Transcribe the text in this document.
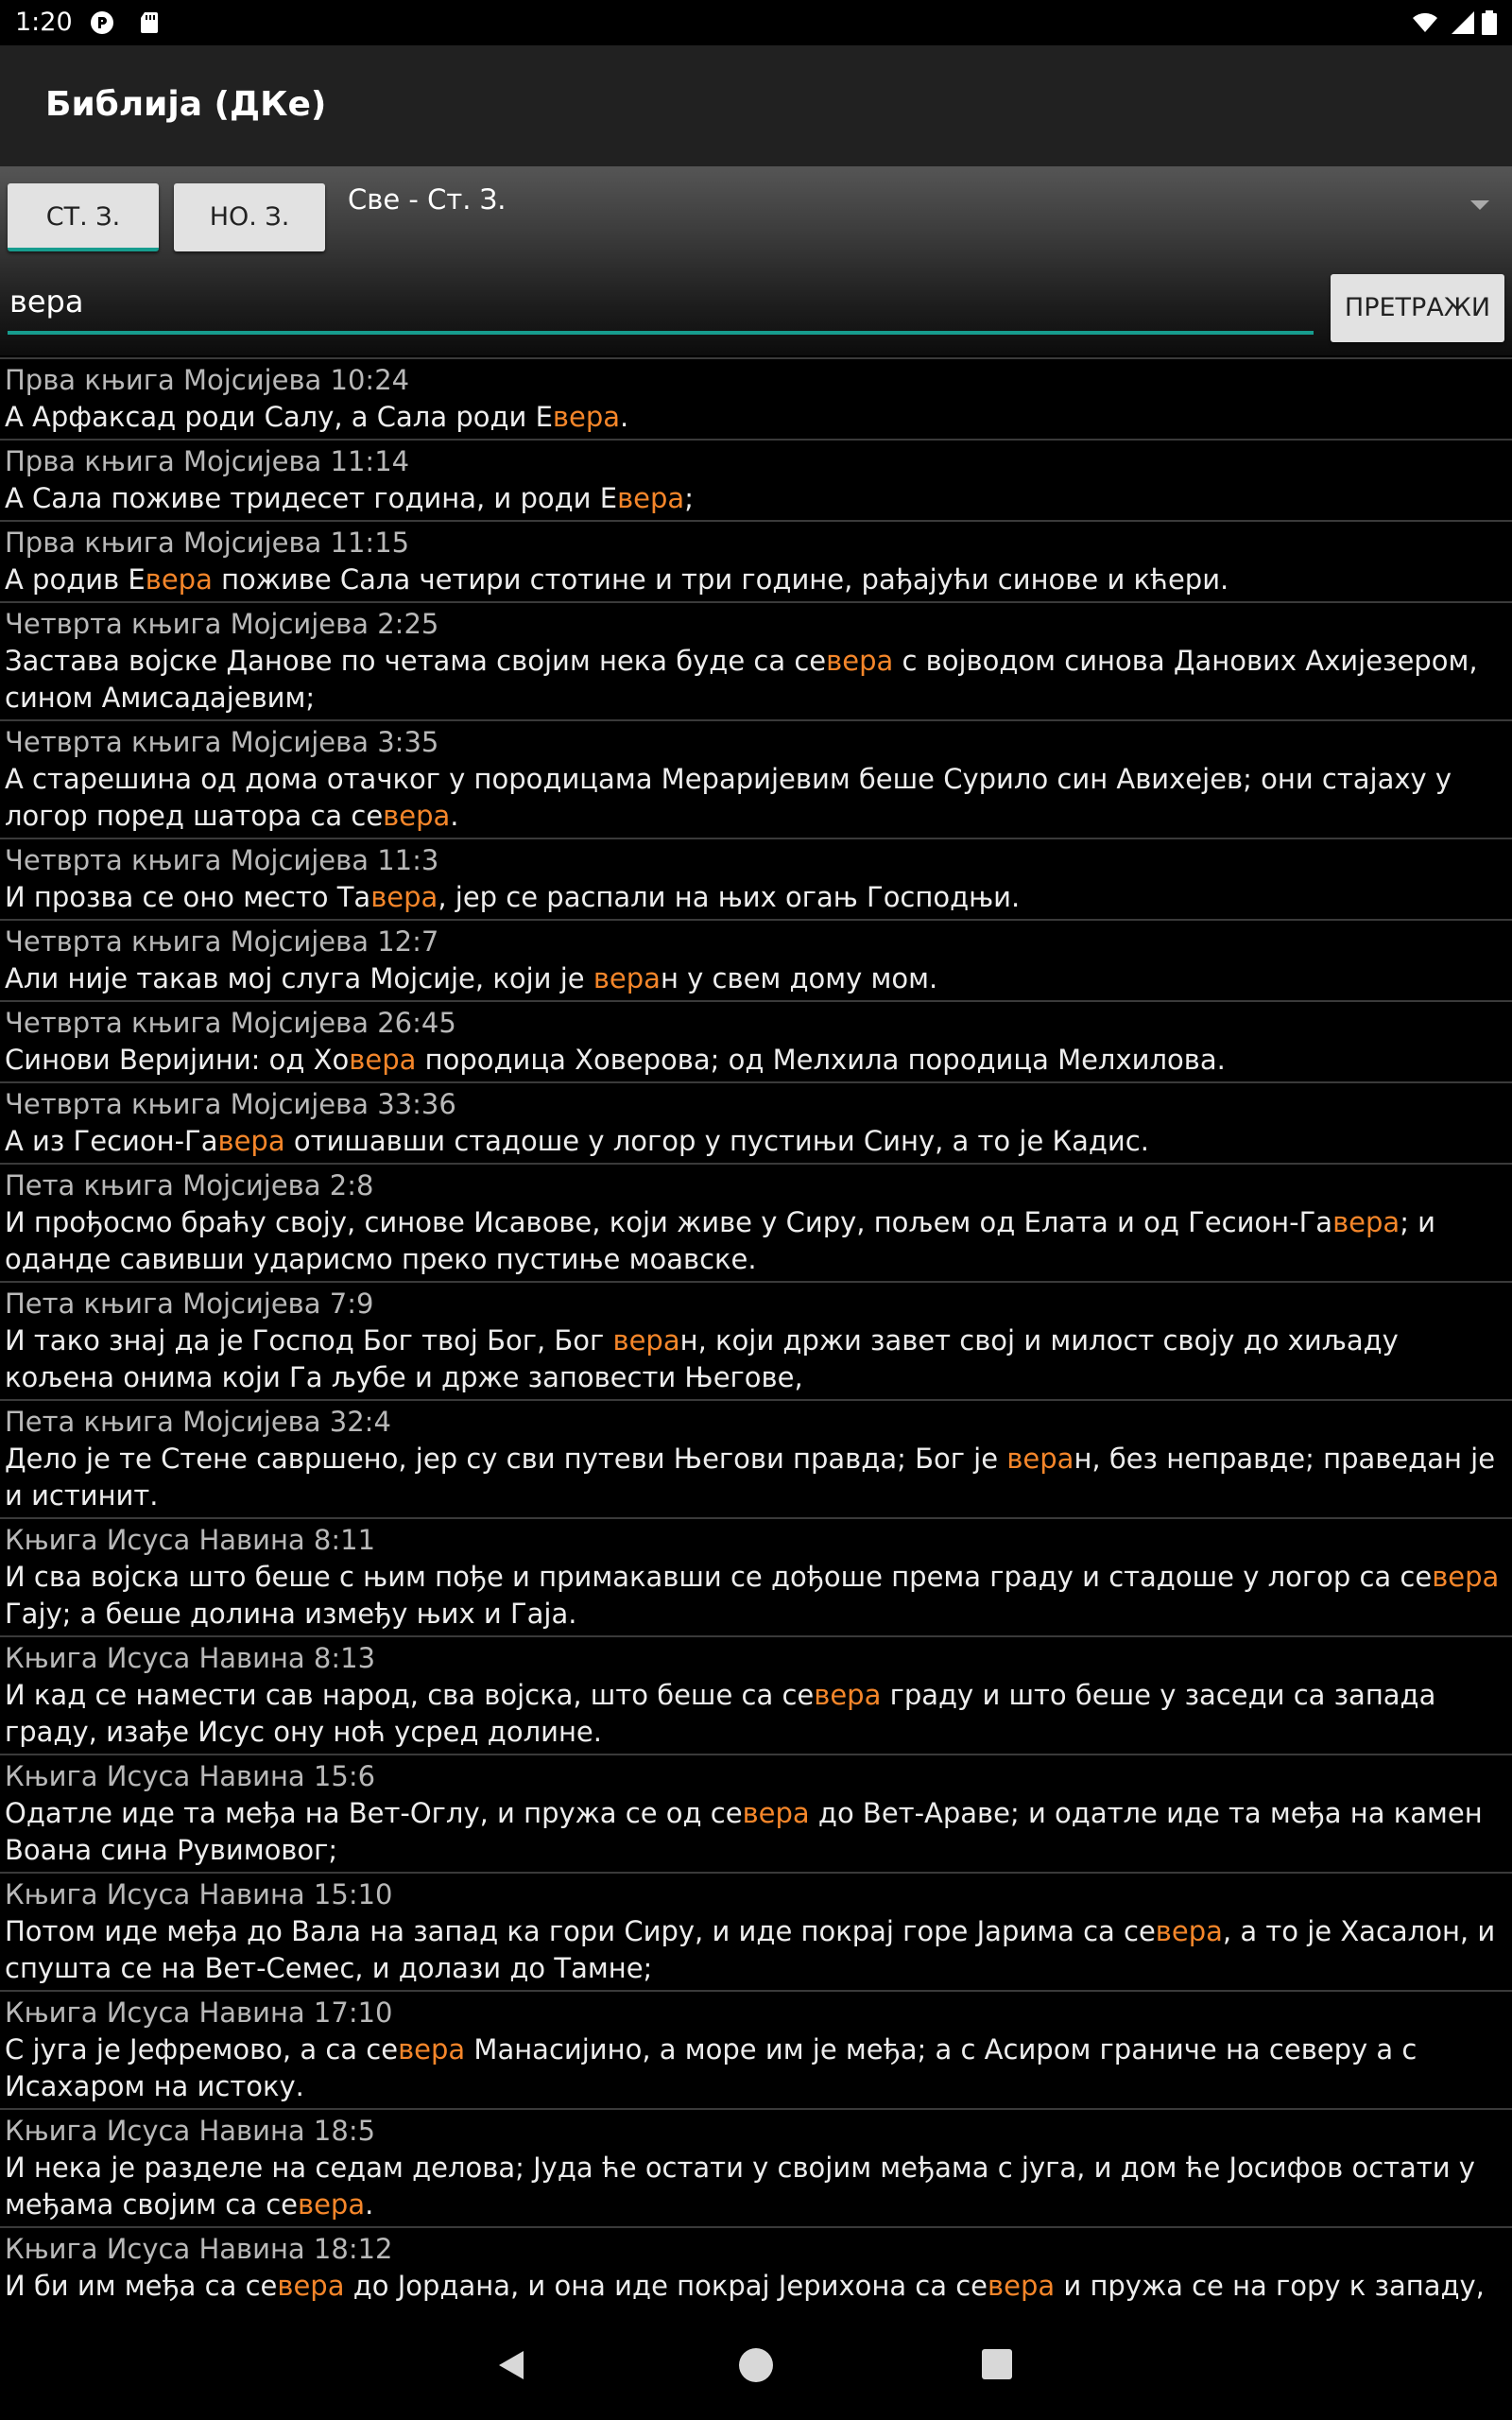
1:20
Библија (ДКе)
СТ. З.	НО. З.
Све - Ст. З.
вера
ПРЕТРАЖИ
Прва књига Мојсијева 10:24
А Арфаксад роди Салу, а Сала роди Евера.
Прва књига Мојсијева 11:14
А Сала поживе тридесет година, и роди Евера;
Прва књига Мојсијева 11:15
А родив Евера поживе Сала четири стотине и три године, рађајући синове и кћери.
Четврта књига Мојсијева 2:25
Застава војске Данове по четама својим нека буде са севера с војводом синова Данових Ахијезером, сином Амисадајевим;
Четврта књига Мојсијева 3:35
А старешина од дома отачког у породицама Мераријевим беше Сурило син Авихејев; они стајаху у логор поред шатора са севера.
Четврта књига Мојсијева 11:3
И прозва се оно место Тавера, јер се распали на њих огањ Господњи.
Четврта књига Мојсијева 12:7
Али није такав мој слуга Мојсије, који је веран у свем дому мом.
Четврта књига Мојсијева 26:45
Синови Веријини: од Ховера породица Ховерова; од Мелхила породица Мелхилова.
Четврта књига Мојсијева 33:36
А из Гесион-Гавера отишавши стадоше у логор у пустињи Сину, а то је Кадис.
Пета књига Мојсијева 2:8
И прођосмо браћу своју, синове Исавове, који живе у Сиру, пољем од Елата и од Гесион-Гавера; и оданде савивши ударисмо преко пустиње моавске.
Пета књига Мојсијева 7:9
И тако знај да је Господ Бог твој Бог, Бог веран, који држи завет свој и милост своју до хиљаду кољена онима који Га љубе и држе заповести Његове,
Пета књига Мојсијева 32:4
Дело је те Стене савршено, јер су сви путеви Његови правда; Бог је веран, без неправде; праведан је и истинит.
Књига Исуса Навина 8:11
И сва војска што беше с њим пође и примакавши се дођоше према граду и стадоше у логор са севера Гају; а беше долина између њих и Гаја.
Књига Исуса Навина 8:13
И кад се намести сав народ, сва војска, што беше са севера граду и што беше у заседи са запада граду, изађе Исус ону ноћ усред долине.
Књига Исуса Навина 15:6
Одатле иде та међа на Вет-Оглу, и пружа се од севера до Вет-Араве; и одатле иде та међа на камен Воана сина Рувимовог;
Књига Исуса Навина 15:10
Потом иде међа до Вала на запад ка гори Сиру, и иде покрај горе Јарима са севера, а то је Хасалон, и спушта се на Вет-Семес, и долази до Тамне;
Књига Исуса Навина 17:10
С југа је Јефремово, а са севера Манасијино, а море им је међа; а с Асиром граниче на северу а с Исахаром на истоку.
Књига Исуса Навина 18:5
И нека је разделе на седам делова; Јуда ће остати у својим међама с југа, и дом ће Јосифов остати у међама својим са севера.
Књига Исуса Навина 18:12
И би им међа са севера до Јордана, и она иде покрај Јерихона са севера и пружа се на гору к западу,
